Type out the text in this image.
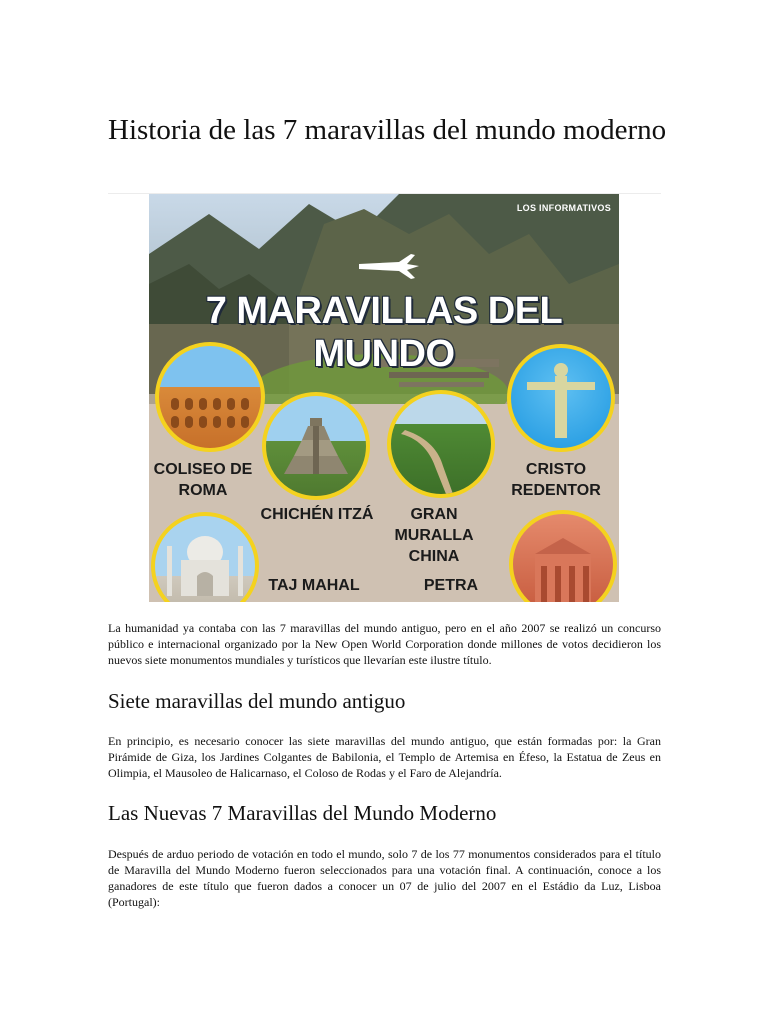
Historia de las 7 maravillas del mundo moderno
LOS INFORMATIVOS
7 MARAVILLAS DEL MUNDO
COLISEO DE ROMA
CHICHÉN ITZÁ	GRAN MURALLA CHINA
CRISTO REDENTOR
TAJ MAHAL	PETRA

La humanidad ya contaba con las 7 maravillas del mundo antiguo, pero en el año 2007 se realizó un concurso público e internacional organizado por la New Open World Corporation donde millones de votos decidieron los nuevos siete monumentos mundiales y turísticos que llevarían este ilustre título.

Siete maravillas del mundo antiguo

En principio, es necesario conocer las siete maravillas del mundo antiguo, que están formadas por: la Gran Pirámide de Giza, los Jardines Colgantes de Babilonia, el Templo de Artemisa en Éfeso, la Estatua de Zeus en Olimpia, el Mausoleo de Halicarnaso, el Coloso de Rodas y el Faro de Alejandría.

Las Nuevas 7 Maravillas del Mundo Moderno

Después de arduo periodo de votación en todo el mundo, solo 7 de los 77 monumentos considerados para el título de Maravilla del Mundo Moderno fueron seleccionados para una votación final. A continuación, conoce a los ganadores de este título que fueron dados a conocer un 07 de julio del 2007 en el Estádio da Luz, Lisboa (Portugal):
